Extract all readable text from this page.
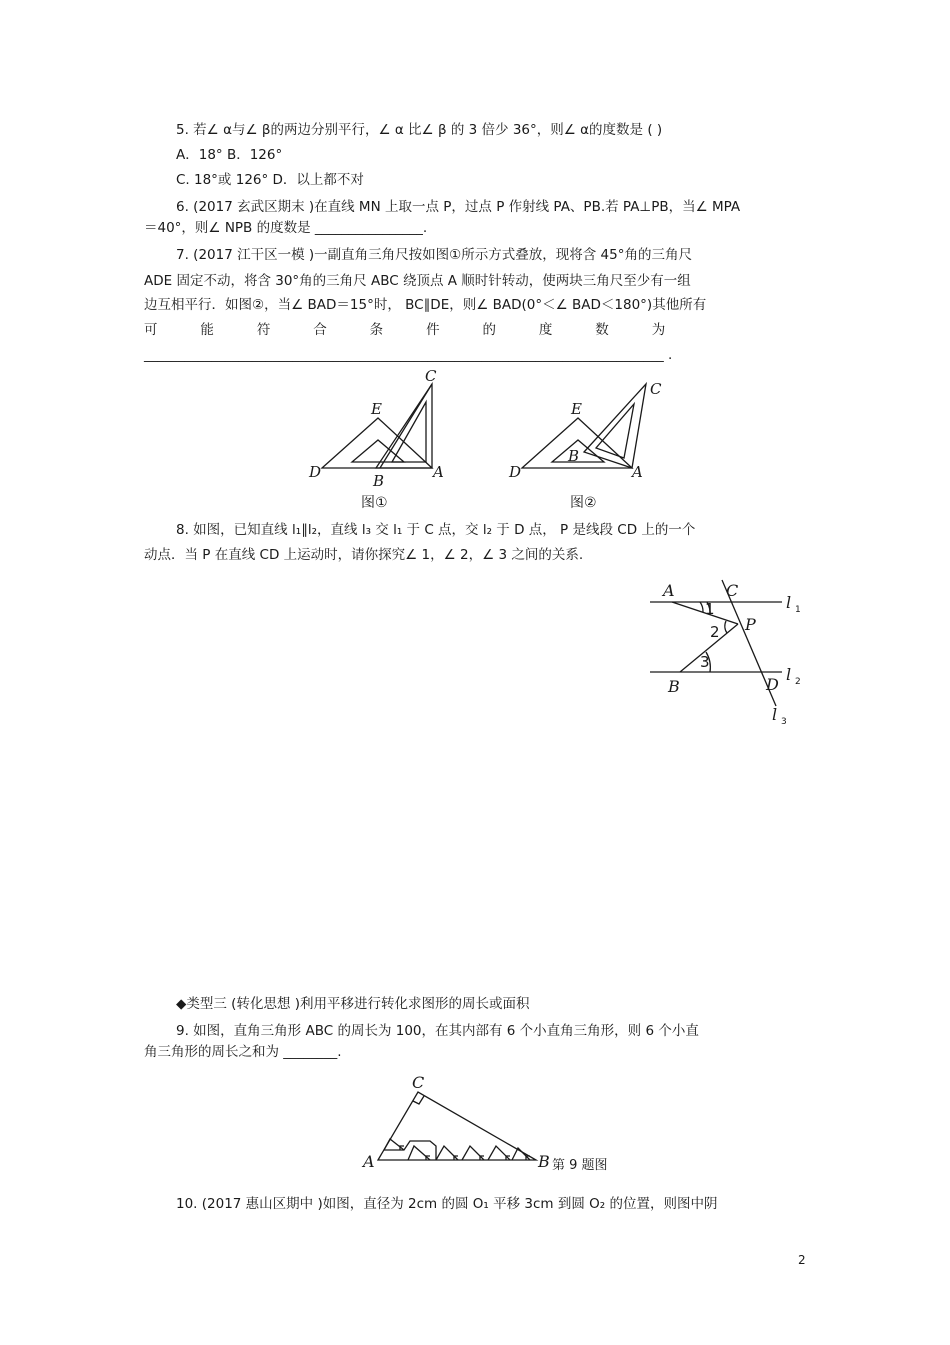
5. 若∠ α与∠ β的两边分别平行，∠ α 比∠ β 的 3 倍少 36°，则∠ α的度数是 ( )
A．18° B．126°
C. 18°或 126° D．以上都不对
6. (2017 玄武区期末 )在直线 MN 上取一点 P，过点 P 作射线 PA、PB.若 PA⊥PB，当∠ MPA
＝40°，则∠ NPB 的度数是 ________________.
7. (2017 江干区一模 )一副直角三角尺按如图①所示方式叠放，现将含 45°角的三角尺
ADE 固定不动，将含 30°角的三角尺 ABC 绕顶点 A 顺时针转动，使两块三角尺至少有一组
边互相平行．如图②，当∠ BAD＝15°时， BC∥DE，则∠ BAD(0°＜∠ BAD＜180°)其他所有
可          能          符          合          条          件          的          度          数          为
_____________________________________________________________________________ .
C
E
D	A
B
图①
C
E
D	A
B
图②
8. 如图，已知直线 l₁∥l₂，直线 l₃ 交 l₁ 于 C 点，交 l₂ 于 D 点， P 是线段 CD 上的一个
动点．当 P 在直线 CD 上运动时，请你探究∠ 1，∠ 2，∠ 3 之间的关系.
A	C
l 1
1
2 P
3
B	D
l 2
l 3
◆类型三 (转化思想 )利用平移进行转化求图形的周长或面积
9. 如图，直角三角形 ABC 的周长为 100，在其内部有 6 个小直角三角形，则 6 个小直
角三角形的周长之和为 ________.
C
A	B 第 9 题图
10. (2017 惠山区期中 )如图，直径为 2cm 的圆 O₁ 平移 3cm 到圆 O₂ 的位置，则图中阴
2
